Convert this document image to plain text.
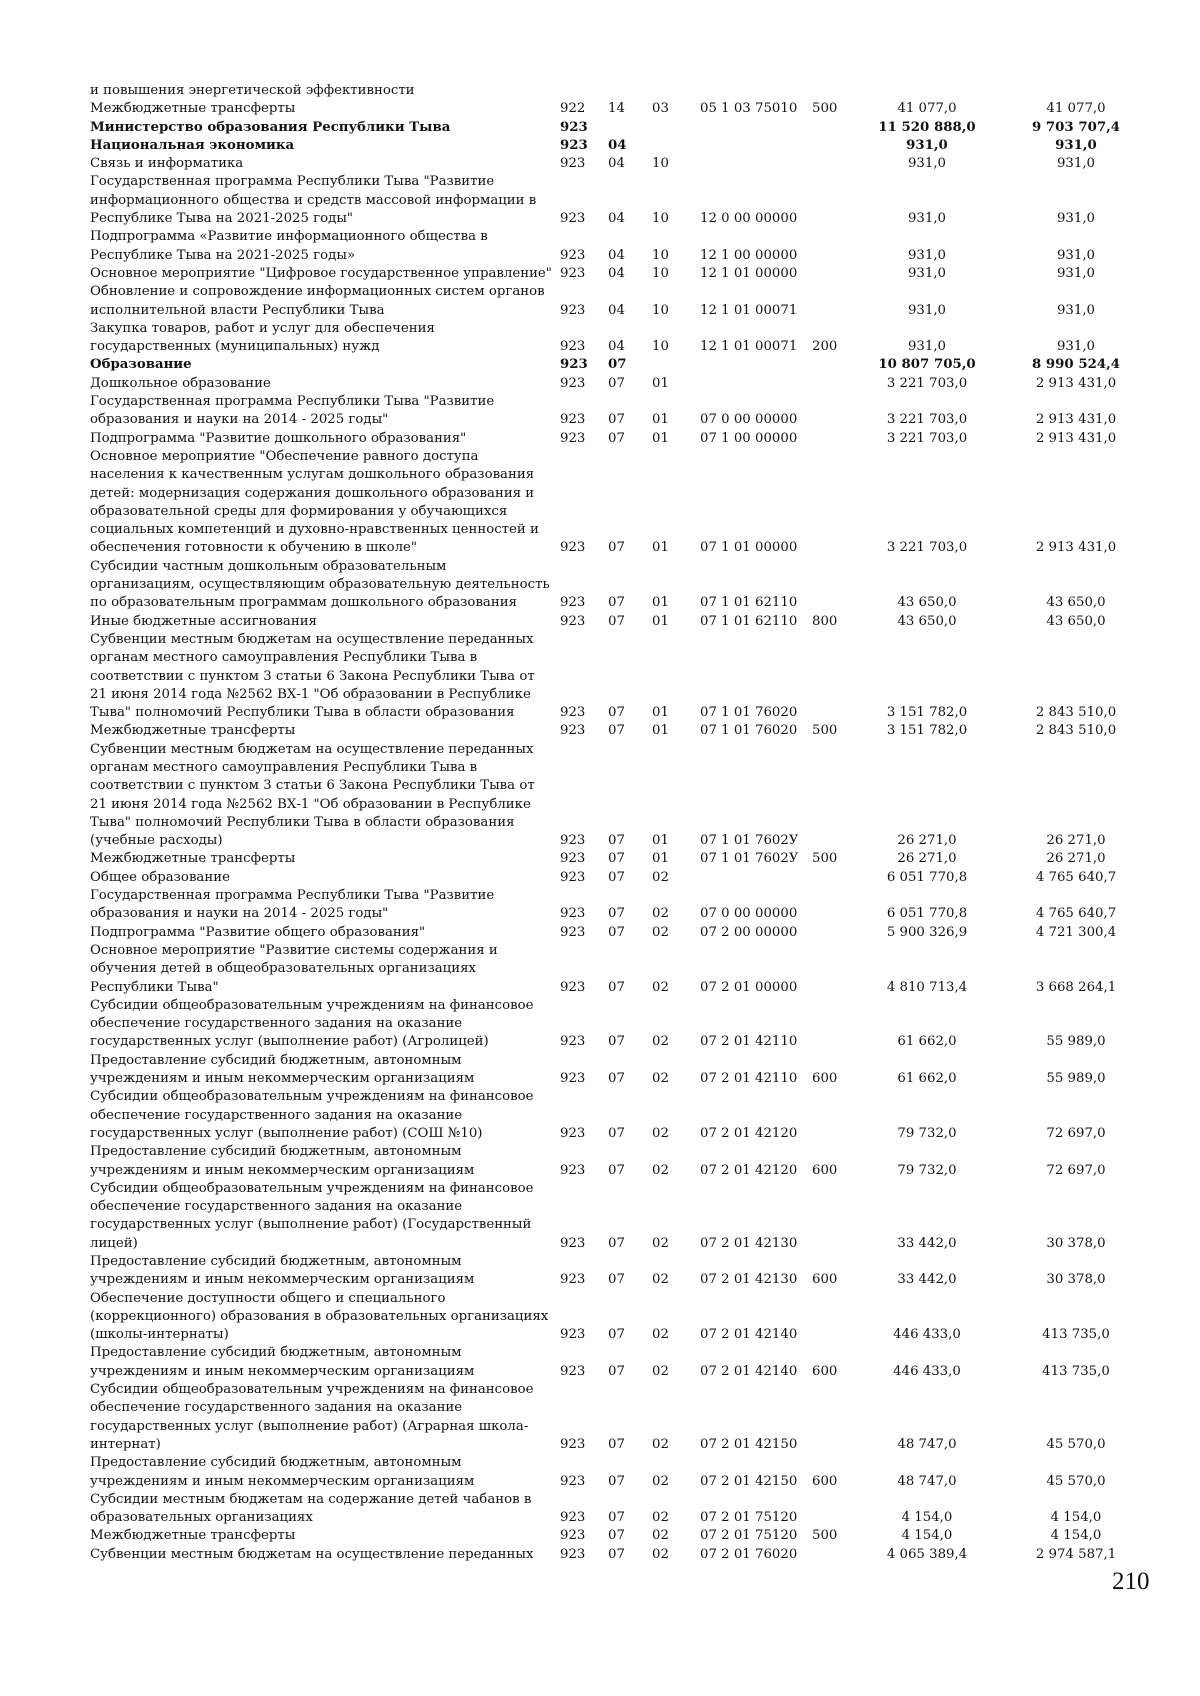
и повышения энергетической эффективности							
Межбюджетные трансферты	922	14	03	05 1 03 75010	500	41 077,0	41 077,0
Министерство образования Республики Тыва	923					11 520 888,0	9 703 707,4
Национальная экономика	923	04				931,0	931,0
Связь и информатика	923	04	10			931,0	931,0
Государственная программа Республики Тыва "Развитие информационного общества и средств массовой информации в Республике Тыва на 2021-2025 годы"	923	04	10	12 0 00 00000		931,0	931,0
Подпрограмма «Развитие информационного общества в Республике Тыва на 2021-2025 годы»	923	04	10	12 1 00 00000		931,0	931,0
Основное мероприятие "Цифровое государственное управление"	923	04	10	12 1 01 00000		931,0	931,0
Обновление и сопровождение информационных систем органов исполнительной власти Республики Тыва	923	04	10	12 1 01 00071		931,0	931,0
Закупка товаров, работ и услуг для обеспечения государственных (муниципальных) нужд	923	04	10	12 1 01 00071	200	931,0	931,0
Образование	923	07				10 807 705,0	8 990 524,4
Дошкольное образование	923	07	01			3 221 703,0	2 913 431,0
Государственная программа Республики Тыва "Развитие образования и науки на 2014 - 2025 годы"	923	07	01	07 0 00 00000		3 221 703,0	2 913 431,0
Подпрограмма "Развитие дошкольного образования"	923	07	01	07 1 00 00000		3 221 703,0	2 913 431,0
Основное мероприятие "Обеспечение равного доступа населения к качественным услугам дошкольного образования детей: модернизация содержания дошкольного образования и образовательной среды для формирования у обучающихся социальных компетенций и духовно-нравственных ценностей и обеспечения готовности к обучению в школе"	923	07	01	07 1 01 00000		3 221 703,0	2 913 431,0
Субсидии частным дошкольным образовательным организациям, осуществляющим образовательную деятельность по образовательным программам дошкольного образования	923	07	01	07 1 01 62110		43 650,0	43 650,0
Иные бюджетные ассигнования	923	07	01	07 1 01 62110	800	43 650,0	43 650,0
Субвенции местным бюджетам на осуществление переданных органам местного самоуправления Республики Тыва в соответствии с пунктом 3 статьи 6 Закона Республики Тыва от 21 июня 2014 года №2562 ВХ-1 "Об образовании в Республике Тыва" полномочий Республики Тыва в области образования	923	07	01	07 1 01 76020		3 151 782,0	2 843 510,0
Межбюджетные трансферты	923	07	01	07 1 01 76020	500	3 151 782,0	2 843 510,0
Субвенции местным бюджетам на осуществление переданных органам местного самоуправления Республики Тыва в соответствии с пунктом 3 статьи 6 Закона Республики Тыва от 21 июня 2014 года №2562 ВХ-1 "Об образовании в Республике Тыва" полномочий Республики Тыва в области образования (учебные расходы)	923	07	01	07 1 01 7602У		26 271,0	26 271,0
Межбюджетные трансферты	923	07	01	07 1 01 7602У	500	26 271,0	26 271,0
Общее образование	923	07	02			6 051 770,8	4 765 640,7
Государственная программа Республики Тыва "Развитие образования и науки на 2014 - 2025 годы"	923	07	02	07 0 00 00000		6 051 770,8	4 765 640,7
Подпрограмма "Развитие общего образования"	923	07	02	07 2 00 00000		5 900 326,9	4 721 300,4
Основное мероприятие "Развитие системы содержания и обучения детей в общеобразовательных организациях Республики Тыва"	923	07	02	07 2 01 00000		4 810 713,4	3 668 264,1
Субсидии общеобразовательным учреждениям на финансовое обеспечение государственного задания на оказание государственных услуг (выполнение работ) (Агролицей)	923	07	02	07 2 01 42110		61 662,0	55 989,0
Предоставление субсидий бюджетным, автономным учреждениям и иным некоммерческим организациям	923	07	02	07 2 01 42110	600	61 662,0	55 989,0
Субсидии общеобразовательным учреждениям на финансовое обеспечение государственного задания на оказание государственных услуг (выполнение работ) (СОШ №10)	923	07	02	07 2 01 42120		79 732,0	72 697,0
Предоставление субсидий бюджетным, автономным учреждениям и иным некоммерческим организациям	923	07	02	07 2 01 42120	600	79 732,0	72 697,0
Субсидии общеобразовательным учреждениям на финансовое обеспечение государственного задания на оказание государственных услуг (выполнение работ) (Государственный лицей)	923	07	02	07 2 01 42130		33 442,0	30 378,0
Предоставление субсидий бюджетным, автономным учреждениям и иным некоммерческим организациям	923	07	02	07 2 01 42130	600	33 442,0	30 378,0
Обеспечение доступности общего и специального (коррекционного) образования в образовательных организациях (школы-интернаты)	923	07	02	07 2 01 42140		446 433,0	413 735,0
Предоставление субсидий бюджетным, автономным учреждениям и иным некоммерческим организациям	923	07	02	07 2 01 42140	600	446 433,0	413 735,0
Субсидии общеобразовательным учреждениям на финансовое обеспечение государственного задания на оказание государственных услуг (выполнение работ) (Аграрная школа-интернат)	923	07	02	07 2 01 42150		48 747,0	45 570,0
Предоставление субсидий бюджетным, автономным учреждениям и иным некоммерческим организациям	923	07	02	07 2 01 42150	600	48 747,0	45 570,0
Субсидии местным бюджетам на содержание детей чабанов в образовательных организациях	923	07	02	07 2 01 75120		4 154,0	4 154,0
Межбюджетные трансферты	923	07	02	07 2 01 75120	500	4 154,0	4 154,0
Субвенции местным бюджетам на осуществление переданных	923	07	02	07 2 01 76020		4 065 389,4	2 974 587,1
210
